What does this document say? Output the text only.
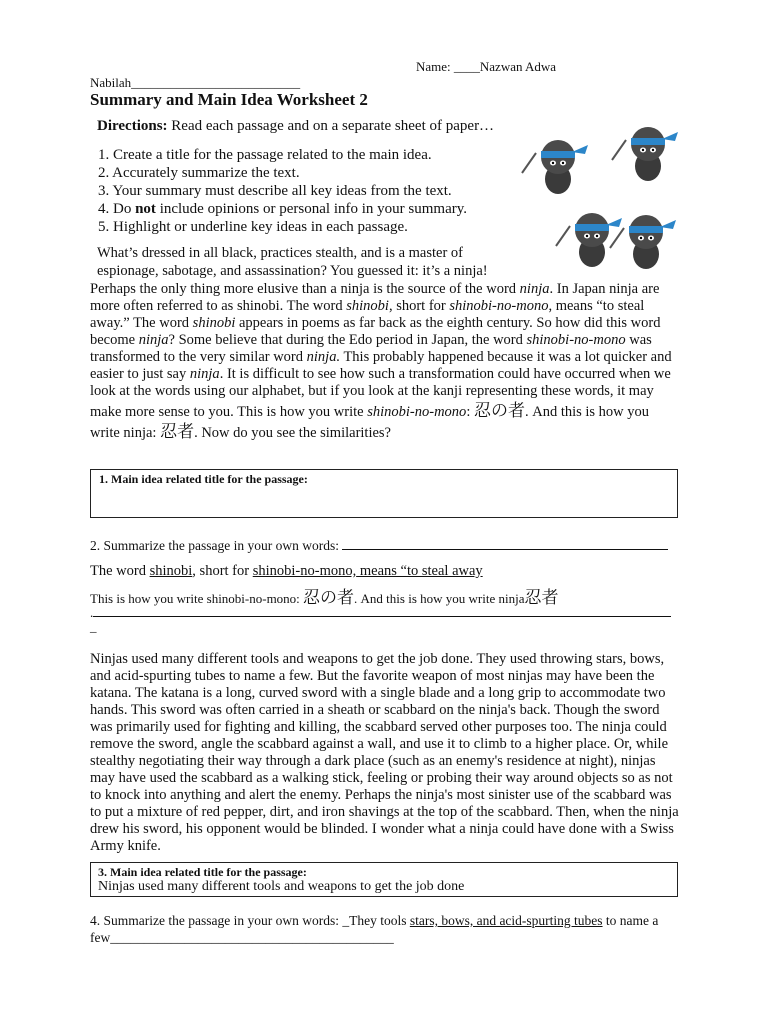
Name: ____Nazwan Adwa
Nabilah__________________________
Summary and Main Idea Worksheet 2
Directions: Read each passage and on a separate sheet of paper…
1. Create a title for the passage related to the main idea.
2. Accurately summarize the text.
3. Your summary must describe all key ideas from the text.
4. Do not include opinions or personal info in your summary.
5. Highlight or underline key ideas in each passage.
What’s dressed in all black, practices stealth, and is a master of
espionage, sabotage, and assassination? You guessed it: it’s a ninja!
Perhaps the only thing more elusive than a ninja is the source of the word ninja. In Japan ninja are
more often referred to as shinobi. The word shinobi, short for shinobi-no-mono, means “to steal
away.” The word shinobi appears in poems as far back as the eighth century. So how did this word
become ninja? Some believe that during the Edo period in Japan, the word shinobi-no-mono was
transformed to the very similar word ninja. This probably happened because it was a lot quicker and
easier to just say ninja. It is difficult to see how such a transformation could have occurred when we
look at the words using our alphabet, but if you look at the kanji representing these words, it may
make more sense to you. This is how you write shinobi-no-mono: 忍の者. And this is how you
write ninja: 忍者. Now do you see the similarities?
1. Main idea related title for the passage:
2. Summarize the passage in your own words:
The word shinobi, short for shinobi-no-mono, means “to steal away
This is how you write shinobi-no-mono: 忍の者. And this is how you write ninja忍者
.
_
Ninjas used many different tools and weapons to get the job done. They used throwing stars, bows,
and acid-spurting tubes to name a few. But the favorite weapon of most ninjas may have been the
katana. The katana is a long, curved sword with a single blade and a long grip to accommodate two
hands. This sword was often carried in a sheath or scabbard on the ninja's back. Though the sword
was primarily used for fighting and killing, the scabbard served other purposes too. The ninja could
remove the sword, angle the scabbard against a wall, and use it to climb to a higher place. Or, while
stealthy negotiating their way through a dark place (such as an enemy's residence at night), ninjas
may have used the scabbard as a walking stick, feeling or probing their way around objects so as not
to knock into anything and alert the enemy. Perhaps the ninja's most sinister use of the scabbard was
to put a mixture of red pepper, dirt, and iron shavings at the top of the scabbard. Then, when the ninja
drew his sword, his opponent would be blinded. I wonder what a ninja could have done with a Swiss
Army knife.
3. Main idea related title for the passage:
Ninjas used many different tools and weapons to get the job done
4. Summarize the passage in your own words: _They tools stars, bows, and acid-spurting tubes to name a
few__________________________________________
